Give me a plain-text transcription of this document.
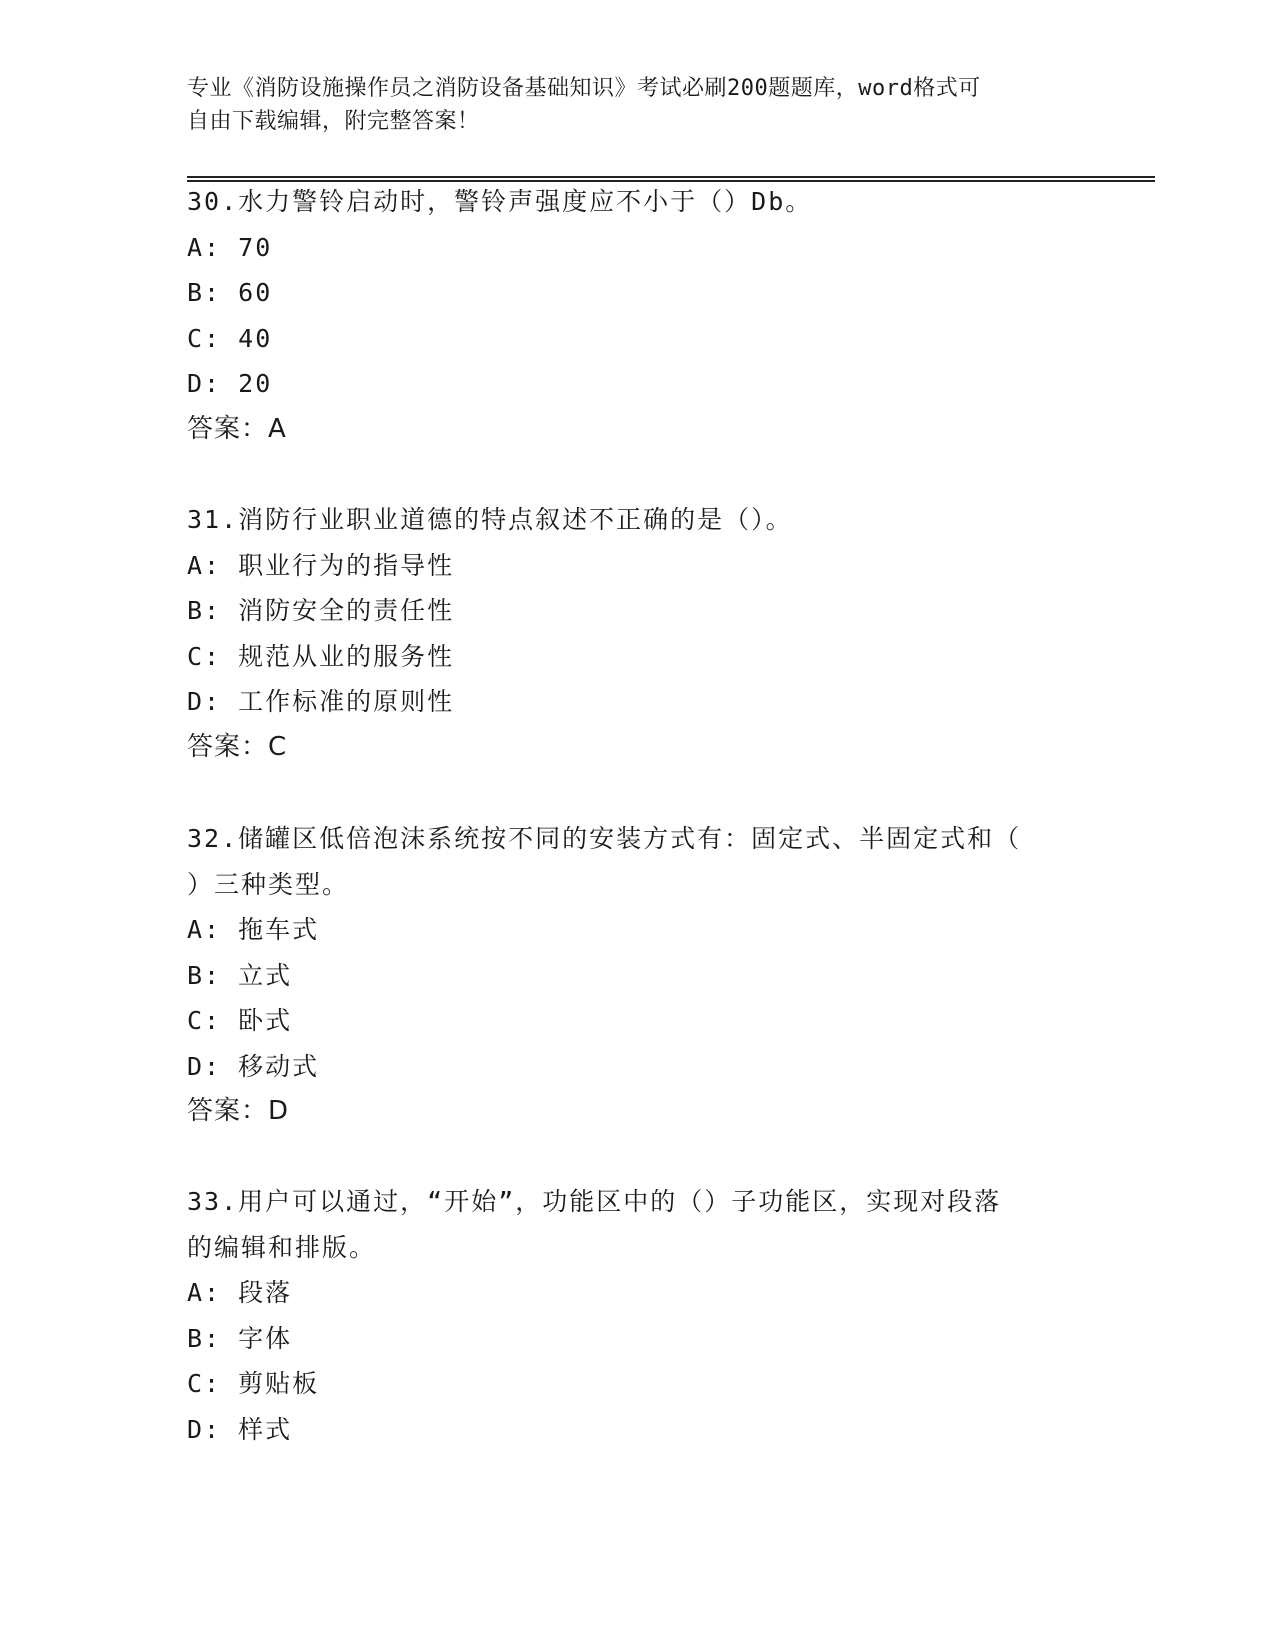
专业《消防设施操作员之消防设备基础知识》考试必刷200题题库，word格式可
自由下载编辑，附完整答案！
30.水力警铃启动时，警铃声强度应不小于（）Db。
A: 70
B: 60
C: 40
D: 20
答案：A
31.消防行业职业道德的特点叙述不正确的是（）。
A: 职业行为的指导性
B: 消防安全的责任性
C: 规范从业的服务性
D: 工作标准的原则性
答案：C
32.储罐区低倍泡沫系统按不同的安装方式有：固定式、半固定式和（
）三种类型。
A: 拖车式
B: 立式
C: 卧式
D: 移动式
答案：D
33.用户可以通过，“开始”，功能区中的（）子功能区，实现对段落
的编辑和排版。
A: 段落
B: 字体
C: 剪贴板
D: 样式
